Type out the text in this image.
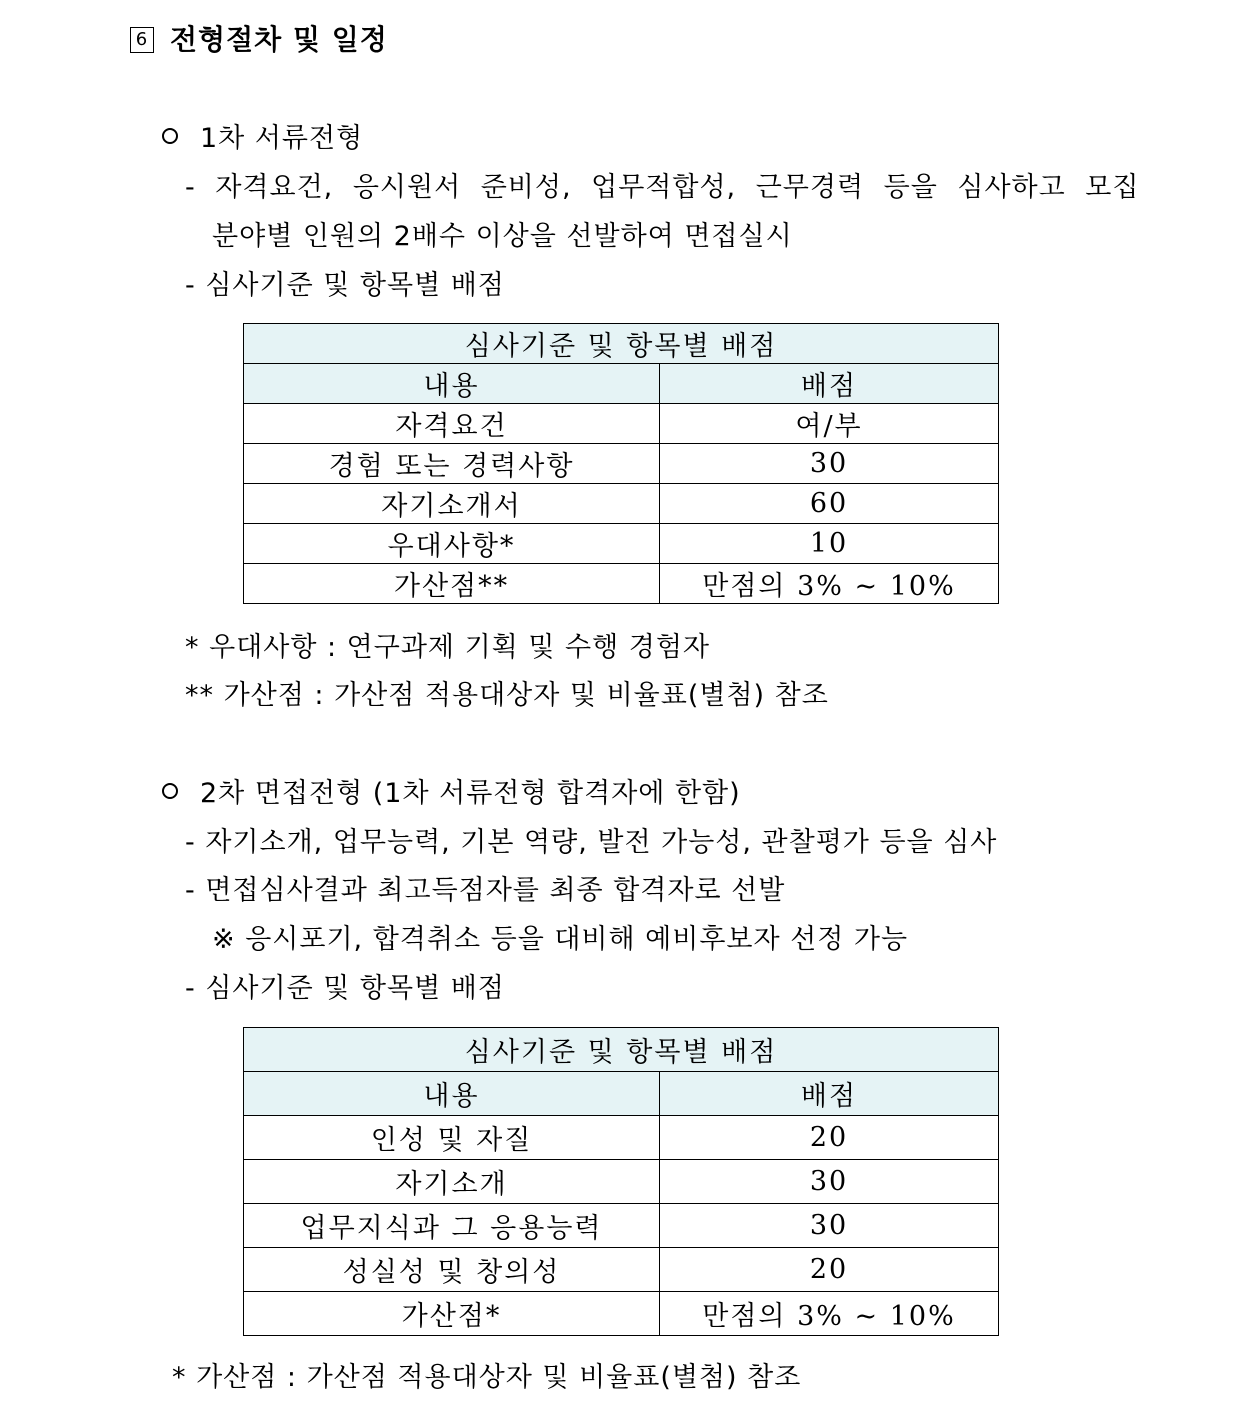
6 전형절차 및 일정
1차 서류전형
- 자격요건, 응시원서 준비성, 업무적합성, 근무경력 등을 심사하고 모집
분야별 인원의 2배수 이상을 선발하여 면접실시
- 심사기준 및 항목별 배점
심사기준 및 항목별 배점	
내용	배점
자격요건	여/부
경험 또는 경력사항	30
자기소개서	60
우대사항*	10
가산점**	만점의 3% ~ 10%
* 우대사항 : 연구과제 기획 및 수행 경험자
** 가산점 : 가산점 적용대상자 및 비율표(별첨) 참조
2차 면접전형 (1차 서류전형 합격자에 한함)
- 자기소개, 업무능력, 기본 역량, 발전 가능성, 관찰평가 등을 심사
- 면접심사결과 최고득점자를 최종 합격자로 선발
※ 응시포기, 합격취소 등을 대비해 예비후보자 선정 가능
- 심사기준 및 항목별 배점
심사기준 및 항목별 배점	
내용	배점
인성 및 자질	20
자기소개	30
업무지식과 그 응용능력	30
성실성 및 창의성	20
가산점*	만점의 3% ~ 10%
* 가산점 : 가산점 적용대상자 및 비율표(별첨) 참조
